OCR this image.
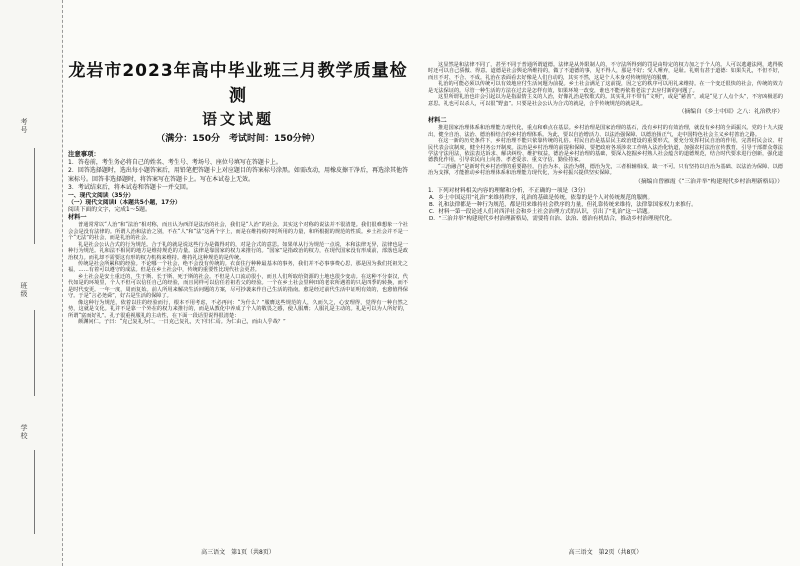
考号
班级
学校
龙岩市2023年高中毕业班三月教学质量检测
语文试题
（满分：150分　考试时间：150分钟）
注意事项：
1．答卷前，考生务必将自己的姓名、考生号、考场号、座位号填写在答题卡上。
2．回答选择题时，选出每小题答案后，用铅笔把答题卡上对应题目的答案标号涂黑。如需改动，用橡皮擦干净后，再选涂其他答案标号。回答非选择题时，将答案写在答题卡上。写在本试卷上无效。
3．考试结束后，将本试卷和答题卡一并交回。
一、现代文阅读（35分）
（一）现代文阅读Ⅰ（本题共5小题，17分）
阅读下面的文字，完成1～5题。
材料一

普通常常以“人治”和“法治”相对称，而且认为西洋是法治的社会，我们是“人治”的社会。其实这个对称的说法并不很清楚。我们很难想象一个社会会是没有法律的。所谓人治和法治之别，不在“人”和“法”这两个字上，而是在维持秩序时所用的力量，和所根据的规范的性质。乡土社会并不是一个“无法”的社会，而是礼治的社会。

礼是社会公认合式的行为规范。合于礼的就是说这些行为是做得对的，对是合式的意思。如果单从行为规范一点说，本和法律无异，法律也是一种行为规范。礼和法不相同的地方是维持规范的力量。法律是靠国家的权力来推行的。“国家”是指政治的权力，在现代国家没有形成前，部落也是政治权力。而礼却不需要这有形的权力机构来维持。维持礼这种规范的是传统。

传统是社会所累积的经验。不论哪一个社会，绝不会没有传统的。衣食住行种种最基本的事务，我们并不必事事费心思，那是因为我们托祖先之福，……有着可以遵守的成法。但是在乡土社会中，传统的重要性比现代社会更甚。

乡土社会是安土重迁的，生于斯、长于斯、死于斯的社会。不但是人口流动很小，而且人们所取给资源的土地也很少变动。在这种不分秦汉，代代如是的环境里，个人不但可以信任自己的经验，而且同样可以信任若祖若父的经验。一个在乡土社会里种田的老农所遇着的只是四季的转换，而不是时代变更。一年一度，周而复始。前人所用来解决生活问题的方案，尽可抄袭来作自己生活的指南。愈是经过前代生活中证明有效的，也愈值得保守。于是“言必尧舜”，好古是生活的保障了。

像这种行为规范，依着以往的经验而行，根本不用考虑，不必再问：“为什么？”服膺这些规范的人，久而久之，心安理得，觉得有一种自然之势，这就是文化。礼并不是靠一个外在的权力来推行的，而是从教化中养成了个人的敬畏之感，使人服膺；人服礼是主动的。礼是可以为人所好的，所谓“富而好礼”。孔子很重视服礼的主动性，在下面一段话里说得很清楚：

颜渊问仁。子曰：“克己复礼为仁。一日克己复礼，天下归仁焉。为仁由己，而由人乎哉？”

高三语文　第1页（共8页）

这显然是和法律不同了，甚至不同于普通所谓道德。法律是从外限制人的，不守法所得到的罚是由特定的权力加之于个人的。人可以逃避法网，逃得脱时还可以自己骄傲、得意。道德是社会舆论所维持的，做了不道德的事，见不得人，那是不好；受人唾弃，是耻。礼则有甚于道德：如果失礼，不但不好，而且不对、不合、不成。礼治在表面看去好像是人们自动的，其实不然，这是个人本身对传统规范的服膺。

礼治的可能必须以传统可以有效地应付生活问题为前提。乡土社会满足了这前提，因之它的秩序可以用礼来维持。在一个变迁很快的社会，传统的效力是无法保证的。尽管一种生活的方法在过去是怎样有效，如果环境一改变，谁也不能再依着老法子去应付新的问题了。

这里所谓礼治也许会引起以为是指温情主义的人治，好像礼治是牧歌式的。其实礼并不带有“文明”，或是“慈善”，或是“见了人点个头”，不穷凶极恶的意思。礼也可以杀人，可以很“野蛮”。只要是社会公认为合式的就是，合乎传统规范的就是礼。

（摘编自《乡土中国》之八：礼治秩序）
材料二

推进国家治理体系和治理能力现代化，重点和难点在基层。乡村治理是国家治理的基石，没有乡村的有效治理，就没有乡村的全面振兴。党的十九大提出，健全自治、法治、德治相结合的乡村治理体系。为此，要以自治增活力、以法治强保障、以德治扬正气，走中国特色社会主义乡村善治之路。

在这一新的历史条件下，乡村治理不能只依靠传统的礼俗。村民自治是基层民主政治建设的重要形式，要充分发挥村民自治的作用，完善村民会议、村民代表会议制度，健全村务公开制度。法治是乡村治理的前提和保障，要把政府各项涉农工作纳入法治化轨道，加强农村法治宣传教育，引导干部群众尊法学法守法用法，依法表达诉求、解决纠纷、维护权益。德治是乡村治理的基础，要深入挖掘乡村熟人社会蕴含的道德规范，结合时代要求进行创新，强化道德教化作用，引导农民向上向善、孝老爱亲、重义守信、勤俭持家。

“三治融合”是新时代乡村治理的重要路径。自治为本，法治为纲，德治为先，三者相辅相成，缺一不可。只有坚持以自治为基础、以法治为保障、以德治为支撑，才能推动乡村治理体系和治理能力现代化，为乡村振兴提供坚实保障。

（摘编自曾雁霞《“三治并举”构建现代乡村治理新格局》）
1．下列对材料相关内容的理解和分析，不正确的一项是（3分）
A．乡土中国运用“礼治”来维持秩序，礼治的基础是传统，依靠的是个人对传统规范的服膺。
B．礼和法律都是一种行为规范，都是用来维持社会秩序的力量，但礼靠传统来维持，法律靠国家权力来推行。
C．材料一第一段论述人们对西洋社会和乡土社会治理方式的认识，引出了“礼治”这一话题。
D．“三治并举”构建现代乡村治理新格局，需要将自治、法治、德治有机结合，推动乡村治理现代化。
高三语文　第2页（共8页）
